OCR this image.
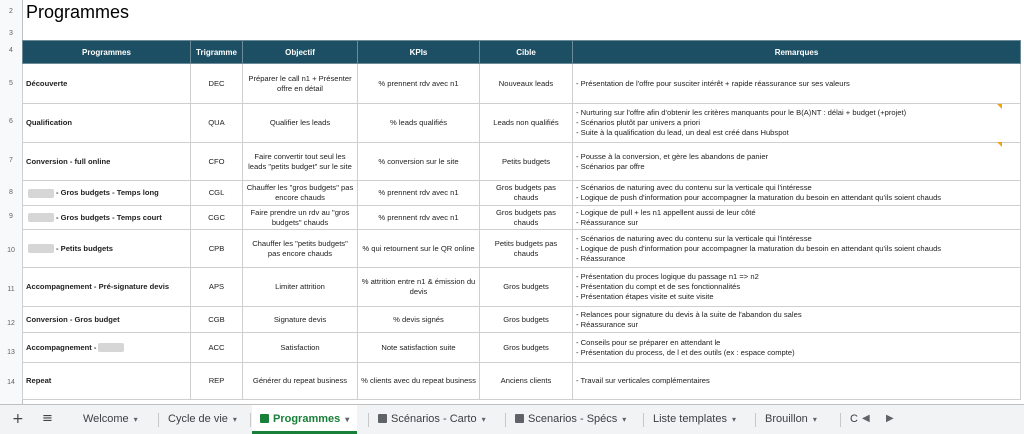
2
3
4
5
6
7
8
9
10
11
12
13
14
Programmes
Programmes	Trigramme	Objectif	KPIs	Cible	Remarques
Découverte	DEC	Préparer le call n1 + Présenter offre en détail	% prennent rdv avec n1	Nouveaux leads	- Présentation de l'offre pour susciter intérêt + rapide réassurance sur ses valeurs

Qualification	QUA	Qualifier les leads	% leads qualifiés	Leads non qualifiés	- Nurturing sur l'offre afin d'obtenir les critères manquants pour le B(A)NT : délai + budget (+projet)
- Scénarios plutôt par univers a priori
- Suite à la qualification du lead, un deal est créé dans Hubspot

Conversion - full online	CFO	Faire convertir tout seul les leads "petits budget" sur le site	% conversion sur le site	Petits budgets	- Pousse à la conversion, et gère les abandons de panier
- Scénarios par offre

- Gros budgets - Temps long	CGL	Chauffer les "gros budgets" pas encore chauds	% prennent rdv avec n1	Gros budgets pas chauds	- Scénarios de naturing avec du contenu sur la verticale qui l'intéresse
- Logique de push d'information pour accompagner la maturation du besoin en attendant qu'ils soient chauds

- Gros budgets - Temps court	CGC	Faire prendre un rdv au "gros budgets" chauds	% prennent rdv avec n1	Gros budgets pas chauds	- Logique de pull + les n1 appellent aussi de leur côté
- Réassurance sur

- Petits budgets	CPB	Chauffer les "petits budgets" pas encore chauds	% qui retournent sur le QR online	Petits budgets pas chauds	- Scénarios de naturing avec du contenu sur la verticale qui l'intéresse
- Logique de push d'information pour accompagner la maturation du besoin en attendant qu'ils soient chauds
- Réassurance

Accompagnement - Pré-signature devis	APS	Limiter attrition	% attrition entre n1 & émission du devis	Gros budgets	- Présentation du proces logique du passage n1 => n2
- Présentation du compt et de ses fonctionnalités
- Présentation étapes visite et suite visite

Conversion - Gros budget	CGB	Signature devis	% devis signés	Gros budgets	- Relances pour signature du devis à la suite de l'abandon du sales
- Réassurance sur

Accompagnement -	ACC	Satisfaction	Note satisfaction suite	Gros budgets	- Conseils pour se préparer en attendant le
- Présentation du process, de l et des outils (ex : espace compte)

Repeat	REP	Générer du repeat business	% clients avec du repeat business	Anciens clients	- Travail sur verticales complémentaires
+ ≡	Welcome ▾	Cycle de vie ▾	Programmes ▾	Scénarios - Carto ▾	Scenarios - Spécs ▾	Liste templates ▾	Brouillon ▾	C ◀ ▶
